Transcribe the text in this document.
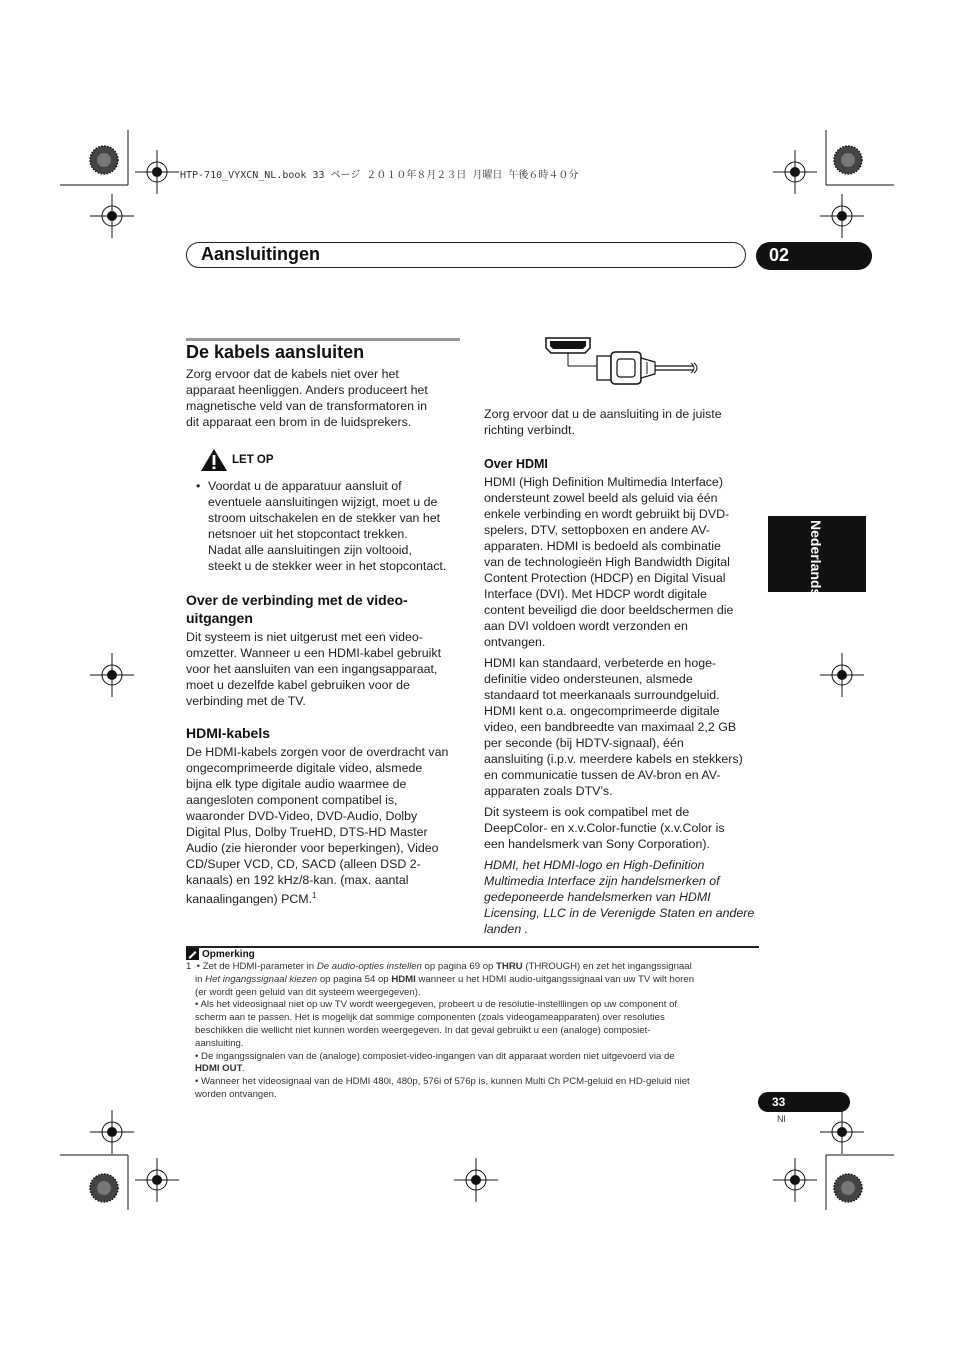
HTP-710_VYXCN_NL.book 33 ページ ２０１０年８月２３日 月曜日 午後６時４０分
Aansluitingen	02
Nederlands
De kabels aansluiten
Zorg ervoor dat de kabels niet over het
apparaat heenliggen. Anders produceert het
magnetische veld van de transformatoren in
dit apparaat een brom in de luidsprekers.
LET OP
• Voordat u de apparatuur aansluit of
eventuele aansluitingen wijzigt, moet u de
stroom uitschakelen en de stekker van het
netsnoer uit het stopcontact trekken.
Nadat alle aansluitingen zijn voltooid,
steekt u de stekker weer in het stopcontact.
Over de verbinding met de video-
uitgangen
Dit systeem is niet uitgerust met een video-
omzetter. Wanneer u een HDMI-kabel gebruikt
voor het aansluiten van een ingangsapparaat,
moet u dezelfde kabel gebruiken voor de
verbinding met de TV.
HDMI-kabels
De HDMI-kabels zorgen voor de overdracht van
ongecomprimeerde digitale video, alsmede
bijna elk type digitale audio waarmee de
aangesloten component compatibel is,
waaronder DVD-Video, DVD-Audio, Dolby
Digital Plus, Dolby TrueHD, DTS-HD Master
Audio (zie hieronder voor beperkingen), Video
CD/Super VCD, CD, SACD (alleen DSD 2-
kanaals) en 192 kHz/8-kan. (max. aantal
kanaalingangen) PCM.$^1$
Zorg ervoor dat u de aansluiting in de juiste
richting verbindt.
Over HDMI
HDMI (High Definition Multimedia Interface)
ondersteunt zowel beeld als geluid via één
enkele verbinding en wordt gebruikt bij DVD-
spelers, DTV, settopboxen en andere AV-
apparaten. HDMI is bedoeld als combinatie
van de technologieën High Bandwidth Digital
Content Protection (HDCP) en Digital Visual
Interface (DVI). Met HDCP wordt digitale
content beveiligd die door beeldschermen die
aan DVI voldoen wordt verzonden en
ontvangen.
HDMI kan standaard, verbeterde en hoge-
definitie video ondersteunen, alsmede
standaard tot meerkanaals surroundgeluid.
HDMI kent o.a. ongecomprimeerde digitale
video, een bandbreedte van maximaal 2,2 GB
per seconde (bij HDTV-signaal), één
aansluiting (i.p.v. meerdere kabels en stekkers)
en communicatie tussen de AV-bron en AV-
apparaten zoals DTV’s.
Dit systeem is ook compatibel met de
DeepColor- en x.v.Color-functie (x.v.Color is
een handelsmerk van Sony Corporation).
HDMI, het HDMI-logo en High-Definition
Multimedia Interface zijn handelsmerken of
gedeponeerde handelsmerken van HDMI
Licensing, LLC in de Verenigde Staten en andere
landen .
Opmerking
1  • Zet de HDMI-parameter in De audio-opties instellen op pagina 69 op THRU (THROUGH) en zet het ingangssignaal
in Het ingangssignaal kiezen op pagina 54 op HDMI wanneer u het HDMI audio-uitgangssignaal van uw TV wilt horen
(er wordt geen geluid van dit systeem weergegeven).
• Als het videosignaal niet op uw TV wordt weergegeven, probeert u de resolutie-instelllingen op uw component of
scherm aan te passen. Het is mogelijk dat sommige componenten (zoals videogameapparaten) over resoluties
beschikken die wellicht niet kunnen worden weergegeven. In dat geval gebruikt u een (analoge) composiet-
aansluiting.
• De ingangssignalen van de (analoge) composiet-video-ingangen van dit apparaat worden niet uitgevoerd via de
HDMI OUT.
• Wanneer het videosignaal van de HDMI 480i, 480p, 576i of 576p is, kunnen Multi Ch PCM-geluid en HD-geluid niet
worden ontvangen.
33
Nl
